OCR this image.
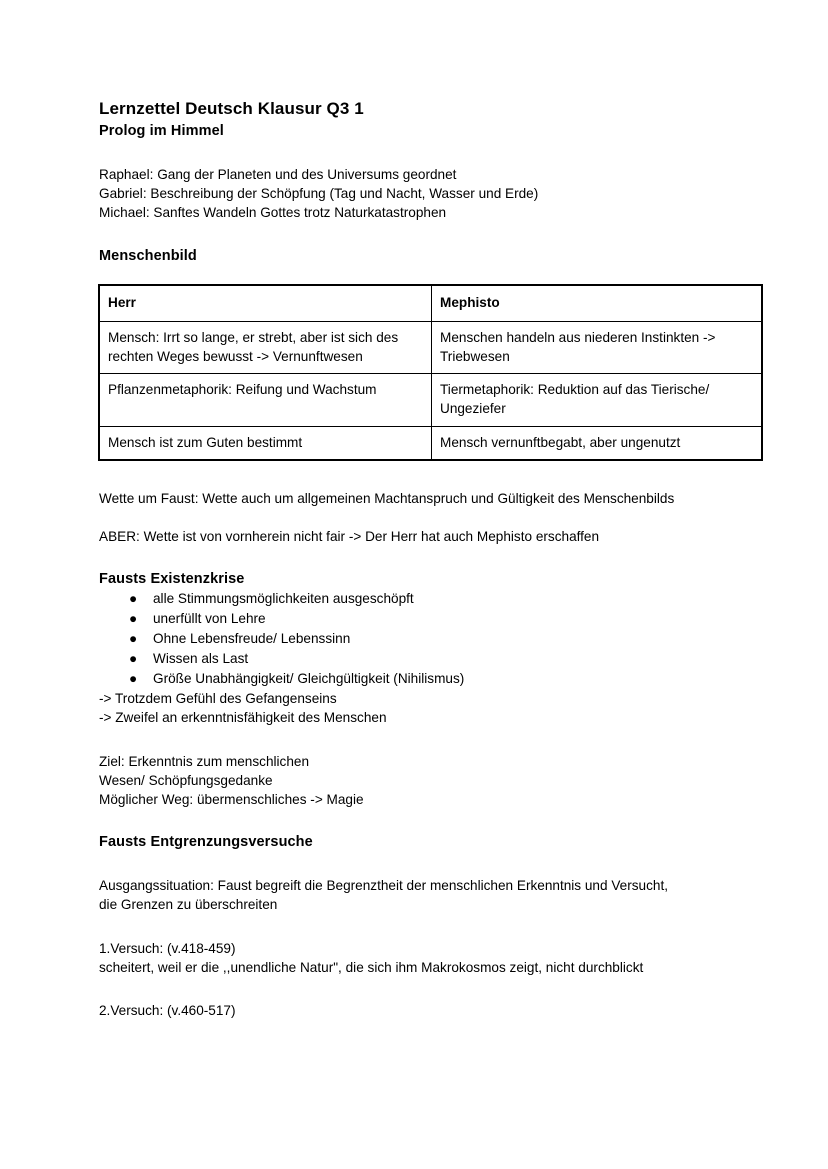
Lernzettel Deutsch Klausur Q3 1
Prolog im Himmel

Raphael: Gang der Planeten und des Universums geordnet

Gabriel: Beschreibung der Schöpfung (Tag und Nacht, Wasser und Erde)

Michael: Sanftes Wandeln Gottes trotz Naturkatastrophen

Menschenbild
Herr	Mephisto
Mensch: Irrt so lange, er strebt, aber ist sich des rechten Weges bewusst -> Vernunftwesen	Menschen handeln aus niederen Instinkten -> Triebwesen
Pflanzenmetaphorik: Reifung und Wachstum	Tiermetaphorik: Reduktion auf das Tierische/ Ungeziefer
Mensch ist zum Guten bestimmt	Mensch vernunftbegabt, aber ungenutzt

Wette um Faust: Wette auch um allgemeinen Machtanspruch und Gültigkeit des Menschenbilds

ABER: Wette ist von vornherein nicht fair -> Der Herr hat auch Mephisto erschaffen

Fausts Existenzkrise
● alle Stimmungsmöglichkeiten ausgeschöpft
● unerfüllt von Lehre
● Ohne Lebensfreude/ Lebenssinn
● Wissen als Last
● Größe Unabhängigkeit/ Gleichgültigkeit (Nihilismus)

-> Trotzdem Gefühl des Gefangenseins

-> Zweifel an erkenntnisfähigkeit des Menschen

Ziel: Erkenntnis zum menschlichen

Wesen/ Schöpfungsgedanke

Möglicher Weg: übermenschliches -> Magie

Fausts Entgrenzungsversuche

Ausgangssituation: Faust begreift die Begrenztheit der menschlichen Erkenntnis und Versucht, die Grenzen zu überschreiten

1.Versuch: (v.418-459)

scheitert, weil er die ,,unendliche Natur", die sich ihm Makrokosmos zeigt, nicht durchblickt

2.Versuch: (v.460-517)
